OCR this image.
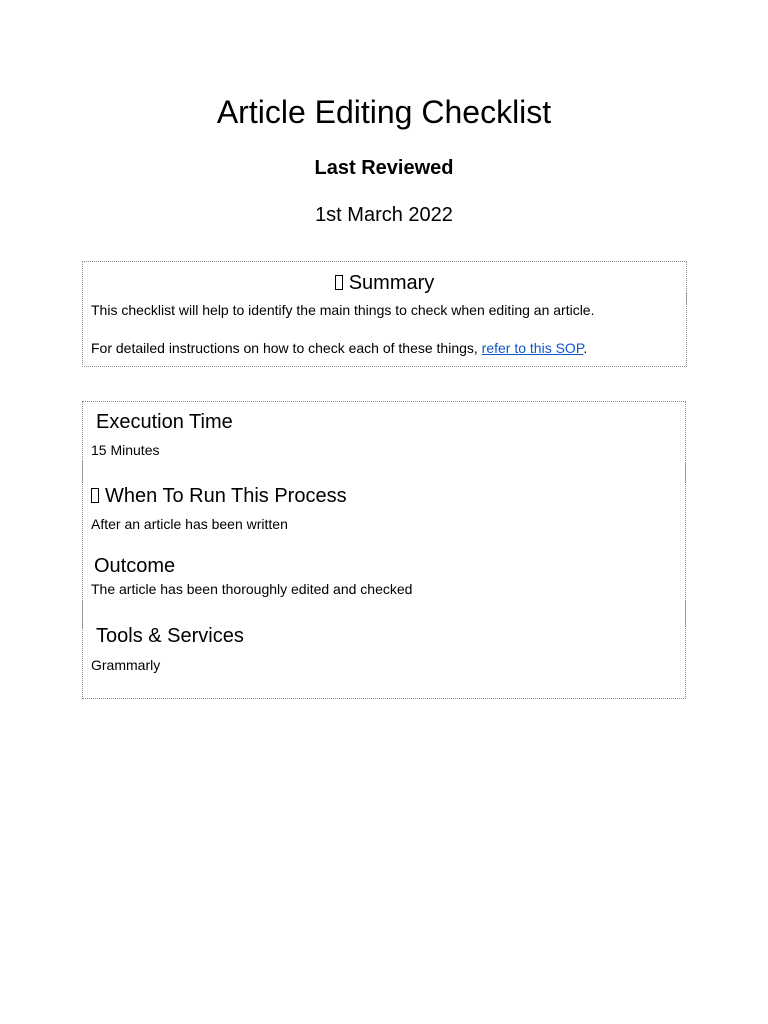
Article Editing Checklist
Last Reviewed
1st March 2022
Summary
This checklist will help to identify the main things to check when editing an article.
For detailed instructions on how to check each of these things, refer to this SOP.
Execution Time
15 Minutes
When To Run This Process
After an article has been written
Outcome
The article has been thoroughly edited and checked
Tools & Services
Grammarly
